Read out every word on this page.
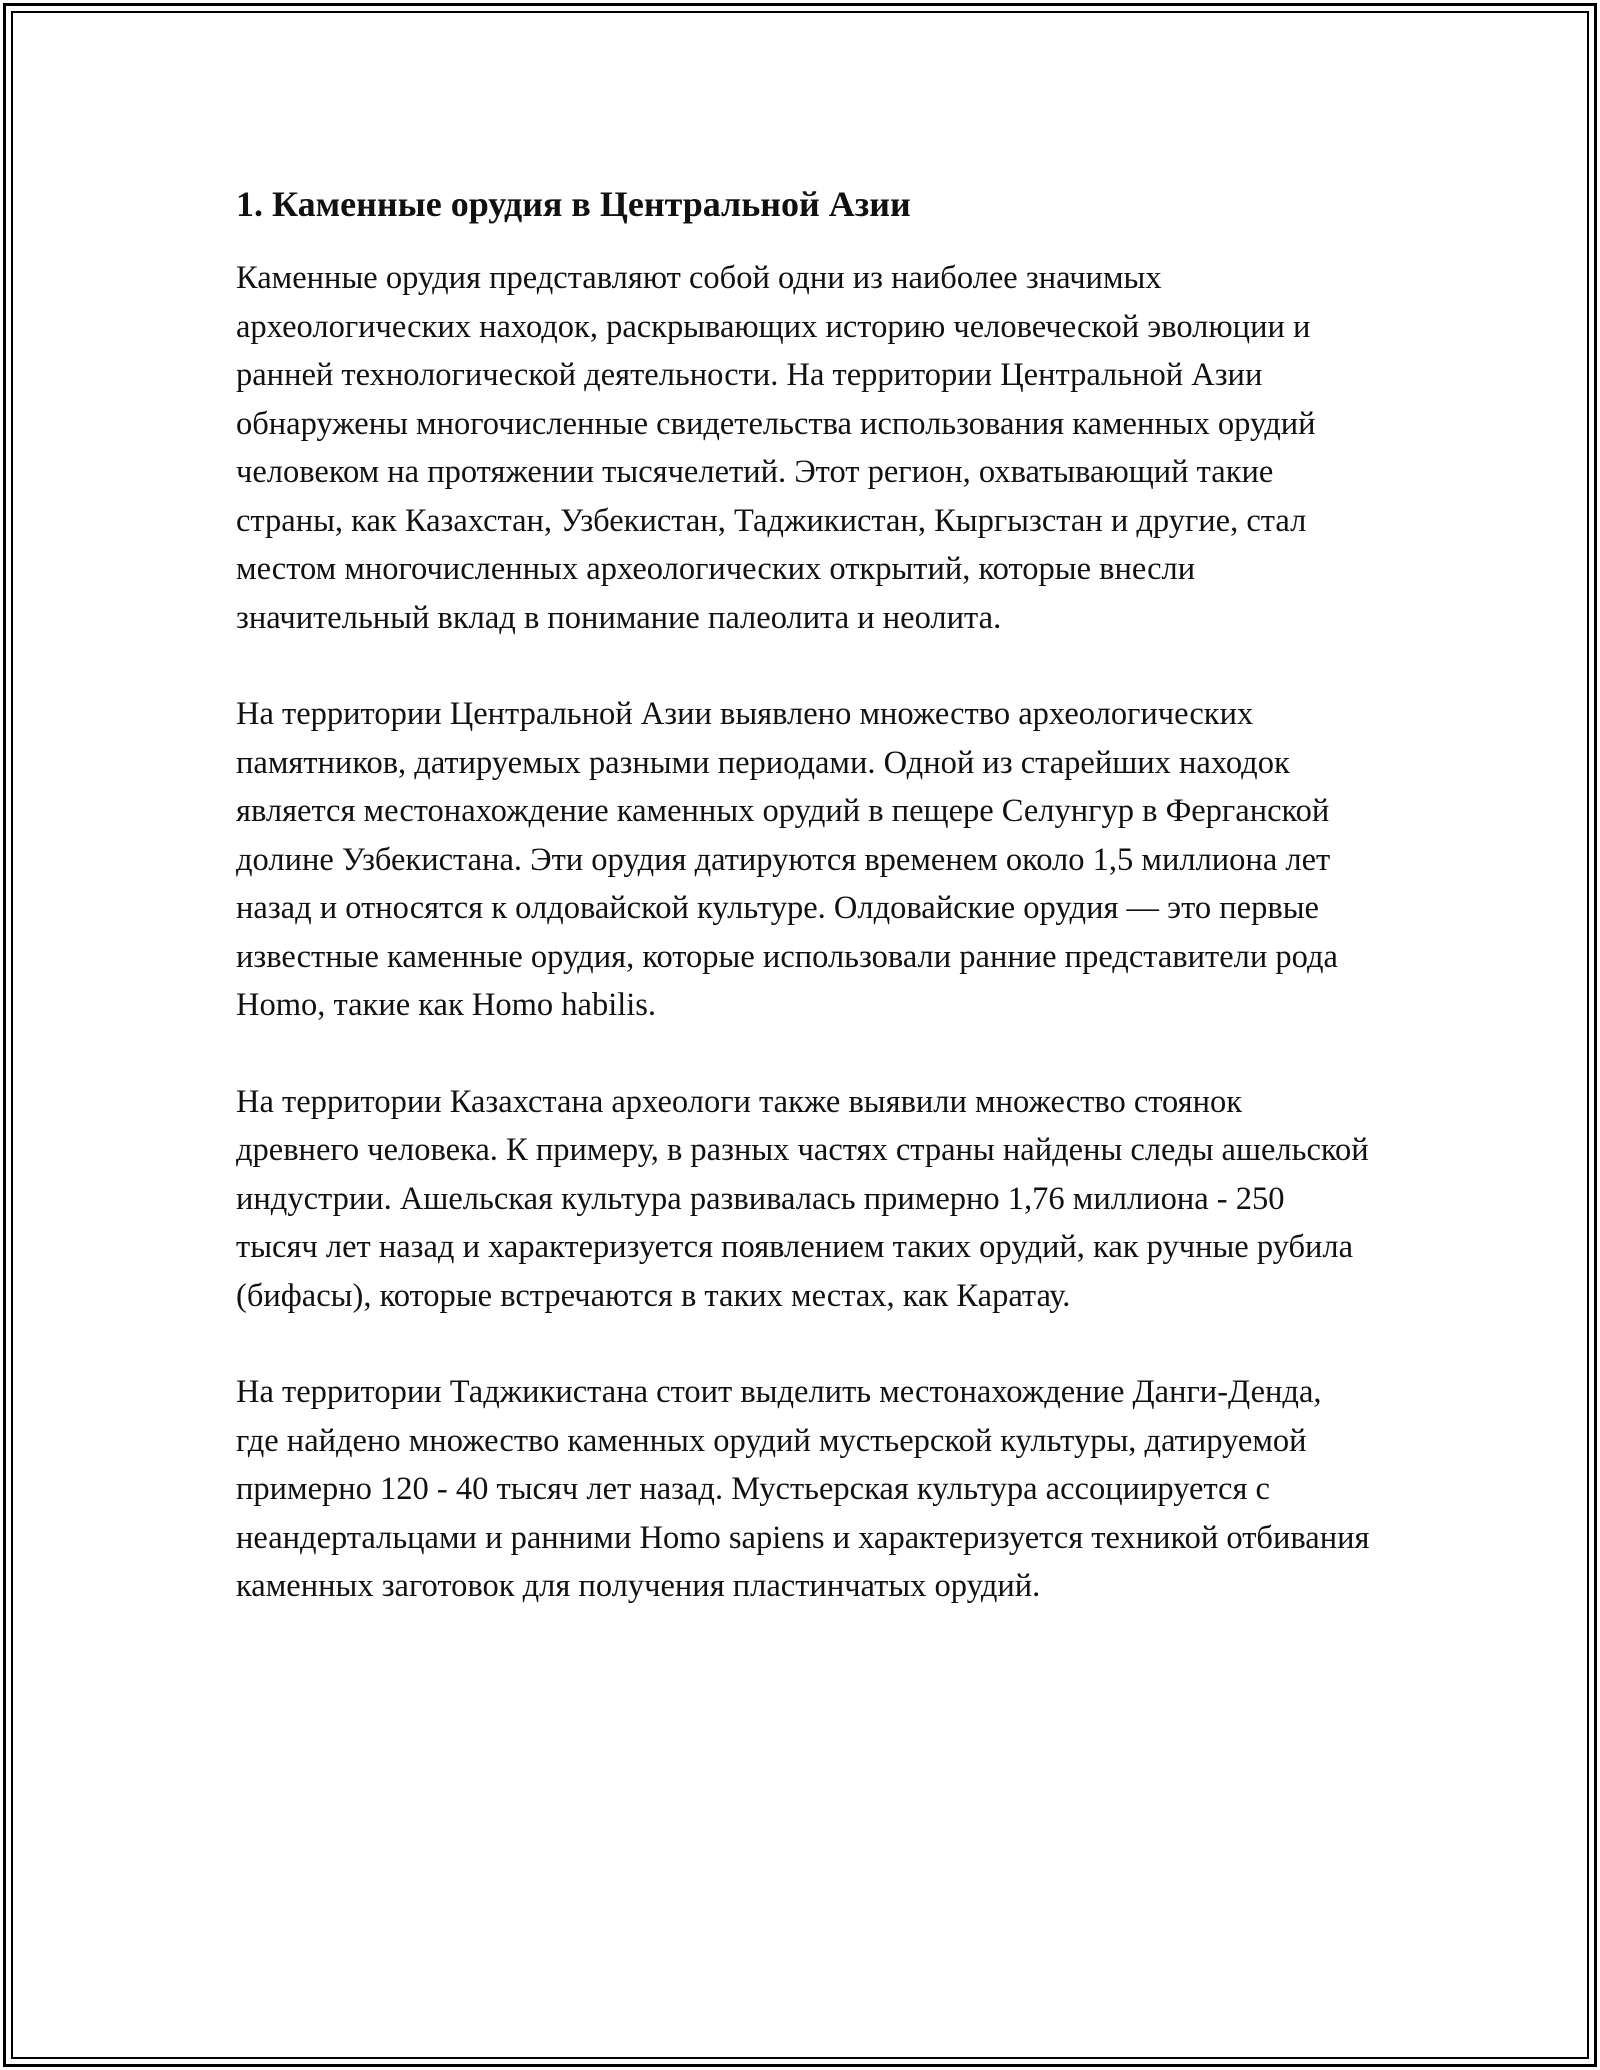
1. Каменные орудия в Центральной Азии

Каменные орудия представляют собой одни из наиболее значимых археологических находок, раскрывающих историю человеческой эволюции и ранней технологической деятельности. На территории Центральной Азии обнаружены многочисленные свидетельства использования каменных орудий человеком на протяжении тысячелетий. Этот регион, охватывающий такие страны, как Казахстан, Узбекистан, Таджикистан, Кыргызстан и другие, стал местом многочисленных археологических открытий, которые внесли значительный вклад в понимание палеолита и неолита.

На территории Центральной Азии выявлено множество археологических памятников, датируемых разными периодами. Одной из старейших находок является местонахождение каменных орудий в пещере Селунгур в Ферганской долине Узбекистана. Эти орудия датируются временем около 1,5 миллиона лет назад и относятся к олдовайской культуре. Олдовайские орудия — это первые известные каменные орудия, которые использовали ранние представители рода Homo, такие как Homo habilis.

На территории Казахстана археологи также выявили множество стоянок древнего человека. К примеру, в разных частях страны найдены следы ашельской индустрии. Ашельская культура развивалась примерно 1,76 миллиона - 250 тысяч лет назад и характеризуется появлением таких орудий, как ручные рубила (бифасы), которые встречаются в таких местах, как Каратау.

На территории Таджикистана стоит выделить местонахождение Данги-Денда, где найдено множество каменных орудий мустьерской культуры, датируемой примерно 120 - 40 тысяч лет назад. Мустьерская культура ассоциируется с неандертальцами и ранними Homo sapiens и характеризуется техникой отбивания каменных заготовок для получения пластинчатых орудий.
